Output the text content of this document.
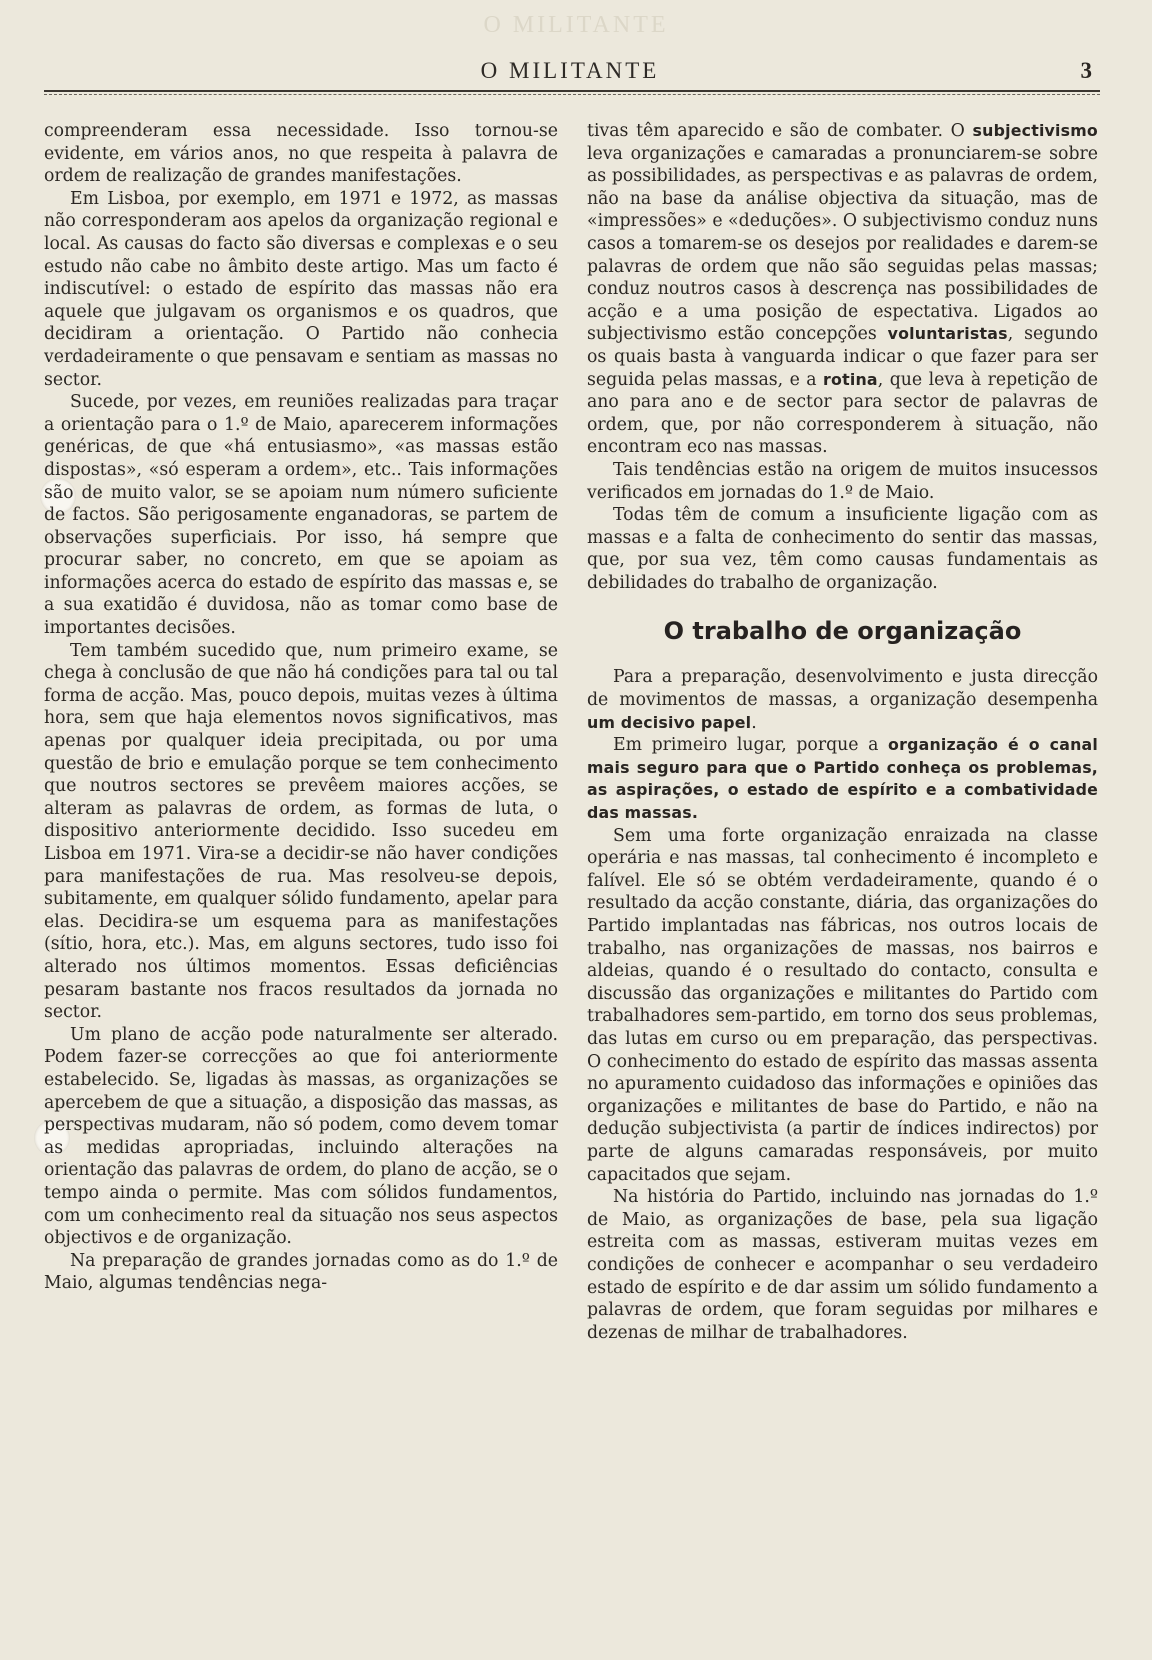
O MILITANTE
O MILITANTE	3

compreenderam essa necessidade. Isso tornou-se evidente, em vários anos, no que respeita à palavra de ordem de realização de grandes manifestações.

Em Lisboa, por exemplo, em 1971 e 1972, as massas não corresponderam aos apelos da organização regional e local. As causas do facto são diversas e complexas e o seu estudo não cabe no âmbito deste artigo. Mas um facto é indiscutível: o estado de espírito das massas não era aquele que julgavam os organismos e os quadros, que decidiram a orientação. O Partido não conhecia verdadeiramente o que pensavam e sentiam as massas no sector.

Sucede, por vezes, em reuniões realizadas para traçar a orientação para o 1.º de Maio, aparecerem informações genéricas, de que «há entusiasmo», «as massas estão dispostas», «só esperam a ordem», etc.. Tais informações são de muito valor, se se apoiam num número suficiente de factos. São perigosamente enganadoras, se partem de observações superficiais. Por isso, há sempre que procurar saber, no concreto, em que se apoiam as informações acerca do estado de espírito das massas e, se a sua exatidão é duvidosa, não as tomar como base de importantes decisões.

Tem também sucedido que, num primeiro exame, se chega à conclusão de que não há condições para tal ou tal forma de acção. Mas, pouco depois, muitas vezes à última hora, sem que haja elementos novos significativos, mas apenas por qualquer ideia precipitada, ou por uma questão de brio e emulação porque se tem conhecimento que noutros sectores se prevêem maiores acções, se alteram as palavras de ordem, as formas de luta, o dispositivo anteriormente decidido. Isso sucedeu em Lisboa em 1971. Vira-se a decidir-se não haver condições para manifestações de rua. Mas resolveu-se depois, subitamente, em qualquer sólido fundamento, apelar para elas. Decidira-se um esquema para as manifestações (sítio, hora, etc.). Mas, em alguns sectores, tudo isso foi alterado nos últimos momentos. Essas deficiências pesaram bastante nos fracos resultados da jornada no sector.

Um plano de acção pode naturalmente ser alterado. Podem fazer-se correcções ao que foi anteriormente estabelecido. Se, ligadas às massas, as organizações se apercebem de que a situação, a disposição das massas, as perspectivas mudaram, não só podem, como devem tomar as medidas apropriadas, incluindo alterações na orientação das palavras de ordem, do plano de acção, se o tempo ainda o permite. Mas com sólidos fundamentos, com um conhecimento real da situação nos seus aspectos objectivos e de organização.

Na preparação de grandes jornadas como as do 1.º de Maio, algumas tendências nega-

tivas têm aparecido e são de combater. O subjectivismo leva organizações e camaradas a pronunciarem-se sobre as possibilidades, as perspectivas e as palavras de ordem, não na base da análise objectiva da situação, mas de «impressões» e «deduções». O subjectivismo conduz nuns casos a tomarem-se os desejos por realidades e darem-se palavras de ordem que não são seguidas pelas massas; conduz noutros casos à descrença nas possibilidades de acção e a uma posição de espectativa. Ligados ao subjectivismo estão concepções voluntaristas, segundo os quais basta à vanguarda indicar o que fazer para ser seguida pelas massas, e a rotina, que leva à repetição de ano para ano e de sector para sector de palavras de ordem, que, por não corresponderem à situação, não encontram eco nas massas.

Tais tendências estão na origem de muitos insucessos verificados em jornadas do 1.º de Maio.

Todas têm de comum a insuficiente ligação com as massas e a falta de conhecimento do sentir das massas, que, por sua vez, têm como causas fundamentais as debilidades do trabalho de organização.

O trabalho de organização

Para a preparação, desenvolvimento e justa direcção de movimentos de massas, a organização desempenha um decisivo papel.

Em primeiro lugar, porque a organização é o canal mais seguro para que o Partido conheça os problemas, as aspirações, o estado de espírito e a combatividade das massas.

Sem uma forte organização enraizada na classe operária e nas massas, tal conhecimento é incompleto e falível. Ele só se obtém verdadeiramente, quando é o resultado da acção constante, diária, das organizações do Partido implantadas nas fábricas, nos outros locais de trabalho, nas organizações de massas, nos bairros e aldeias, quando é o resultado do contacto, consulta e discussão das organizações e militantes do Partido com trabalhadores sem-partido, em torno dos seus problemas, das lutas em curso ou em preparação, das perspectivas. O conhecimento do estado de espírito das massas assenta no apuramento cuidadoso das informações e opiniões das organizações e militantes de base do Partido, e não na dedução subjectivista (a partir de índices indirectos) por parte de alguns camaradas responsáveis, por muito capacitados que sejam.

Na história do Partido, incluindo nas jornadas do 1.º de Maio, as organizações de base, pela sua ligação estreita com as massas, estiveram muitas vezes em condições de conhecer e acompanhar o seu verdadeiro estado de espírito e de dar assim um sólido fundamento a palavras de ordem, que foram seguidas por milhares e dezenas de milhar de trabalhadores.
